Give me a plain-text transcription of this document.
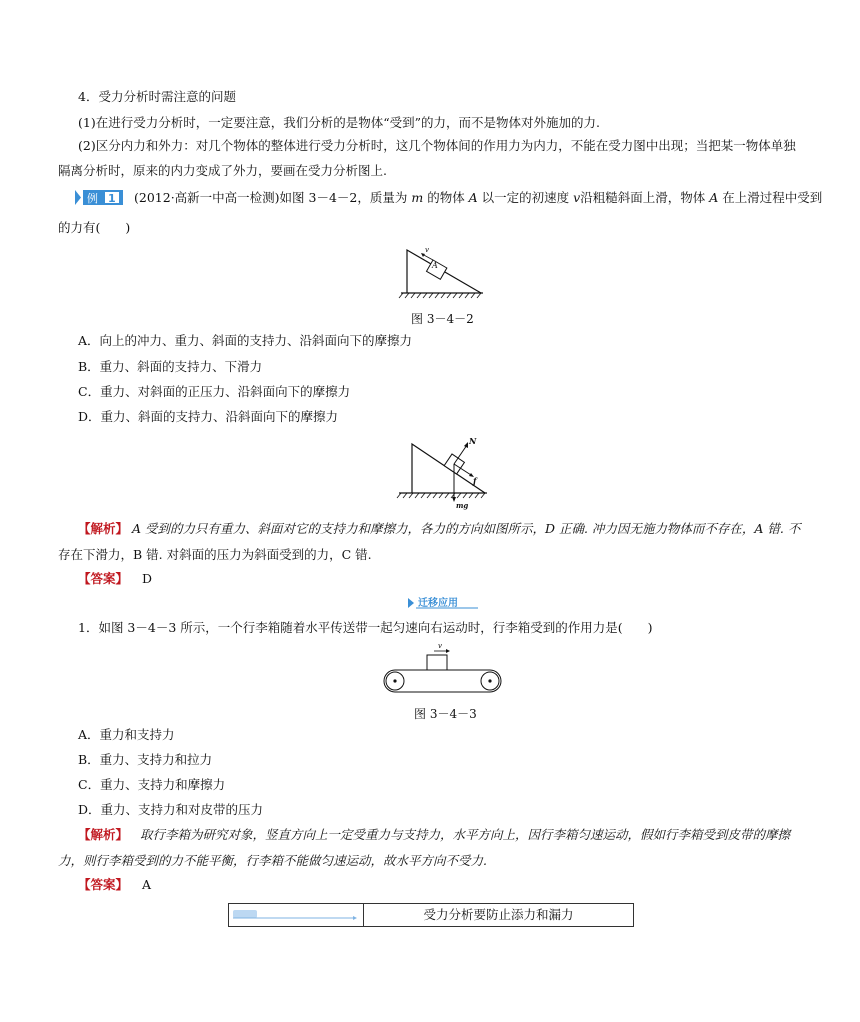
4．受力分析时需注意的问题
(1)在进行受力分析时，一定要注意，我们分析的是物体“受到”的力，而不是物体对外施加的力.
(2)区分内力和外力：对几个物体的整体进行受力分析时，这几个物体间的作用力为内力，不能在受力图中出现；当把某一物体单独
隔离分析时，原来的内力变成了外力，要画在受力分析图上.
例 1 (2012·高新一中高一检测)如图 3－4－2，质量为 m 的物体 A 以一定的初速度 v沿粗糙斜面上滑，物体 A 在上滑过程中受到
的力有(　　)
A
v
图 3－4－2
A．向上的冲力、重力、斜面的支持力、沿斜面向下的摩擦力
B．重力、斜面的支持力、下滑力
C．重力、对斜面的正压力、沿斜面向下的摩擦力
D．重力、斜面的支持力、沿斜面向下的摩擦力
N
f
mg
【解析】 A 受到的力只有重力、斜面对它的支持力和摩擦力，各力的方向如图所示，D 正确. 冲力因无施力物体而不存在，A 错. 不
存在下滑力，B 错. 对斜面的压力为斜面受到的力，C 错.
【答案】 D
迁移应用
1．如图 3－4－3 所示，一个行李箱随着水平传送带一起匀速向右运动时，行李箱受到的作用力是(　　)
v
图 3－4－3
A．重力和支持力
B．重力、支持力和拉力
C．重力、支持力和摩擦力
D．重力、支持力和对皮带的压力
【解析】 取行李箱为研究对象，竖直方向上一定受重力与支持力，水平方向上，因行李箱匀速运动，假如行李箱受到皮带的摩擦
力，则行李箱受到的力不能平衡，行李箱不能做匀速运动，故水平方向不受力.
【答案】 A
受力分析要防止添力和漏力
